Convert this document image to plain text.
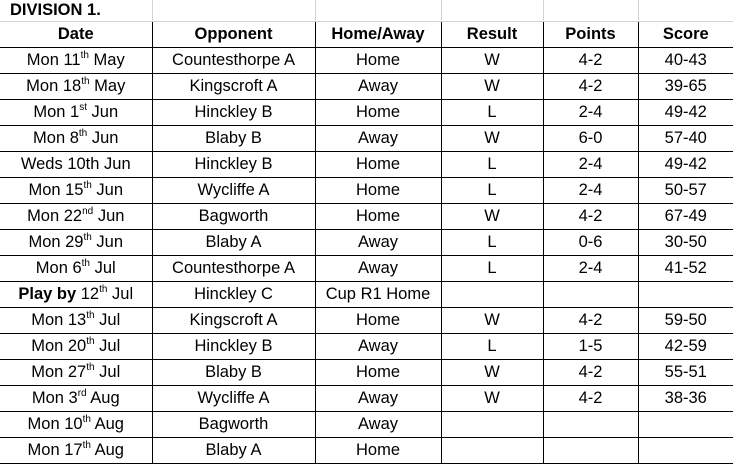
DIVISION 1.					
Date	Opponent	Home/Away	Result	Points	Score
Mon 11th May	Countesthorpe A	Home	W	4-2	40-43
Mon 18th May	Kingscroft A	Away	W	4-2	39-65
Mon 1st Jun	Hinckley B	Home	L	2-4	49-42
Mon 8th Jun	Blaby B	Away	W	6-0	57-40
Weds 10th Jun	Hinckley B	Home	L	2-4	49-42
Mon 15th Jun	Wycliffe A	Home	L	2-4	50-57
Mon 22nd Jun	Bagworth	Home	W	4-2	67-49
Mon 29th Jun	Blaby A	Away	L	0-6	30-50
Mon 6th Jul	Countesthorpe A	Away	L	2-4	41-52
Play by 12th Jul	Hinckley C	Cup R1 Home			
Mon 13th Jul	Kingscroft A	Home	W	4-2	59-50
Mon 20th Jul	Hinckley B	Away	L	1-5	42-59
Mon 27th Jul	Blaby B	Home	W	4-2	55-51
Mon 3rd Aug	Wycliffe A	Away	W	4-2	38-36
Mon 10th Aug	Bagworth	Away			
Mon 17th Aug	Blaby A	Home			
